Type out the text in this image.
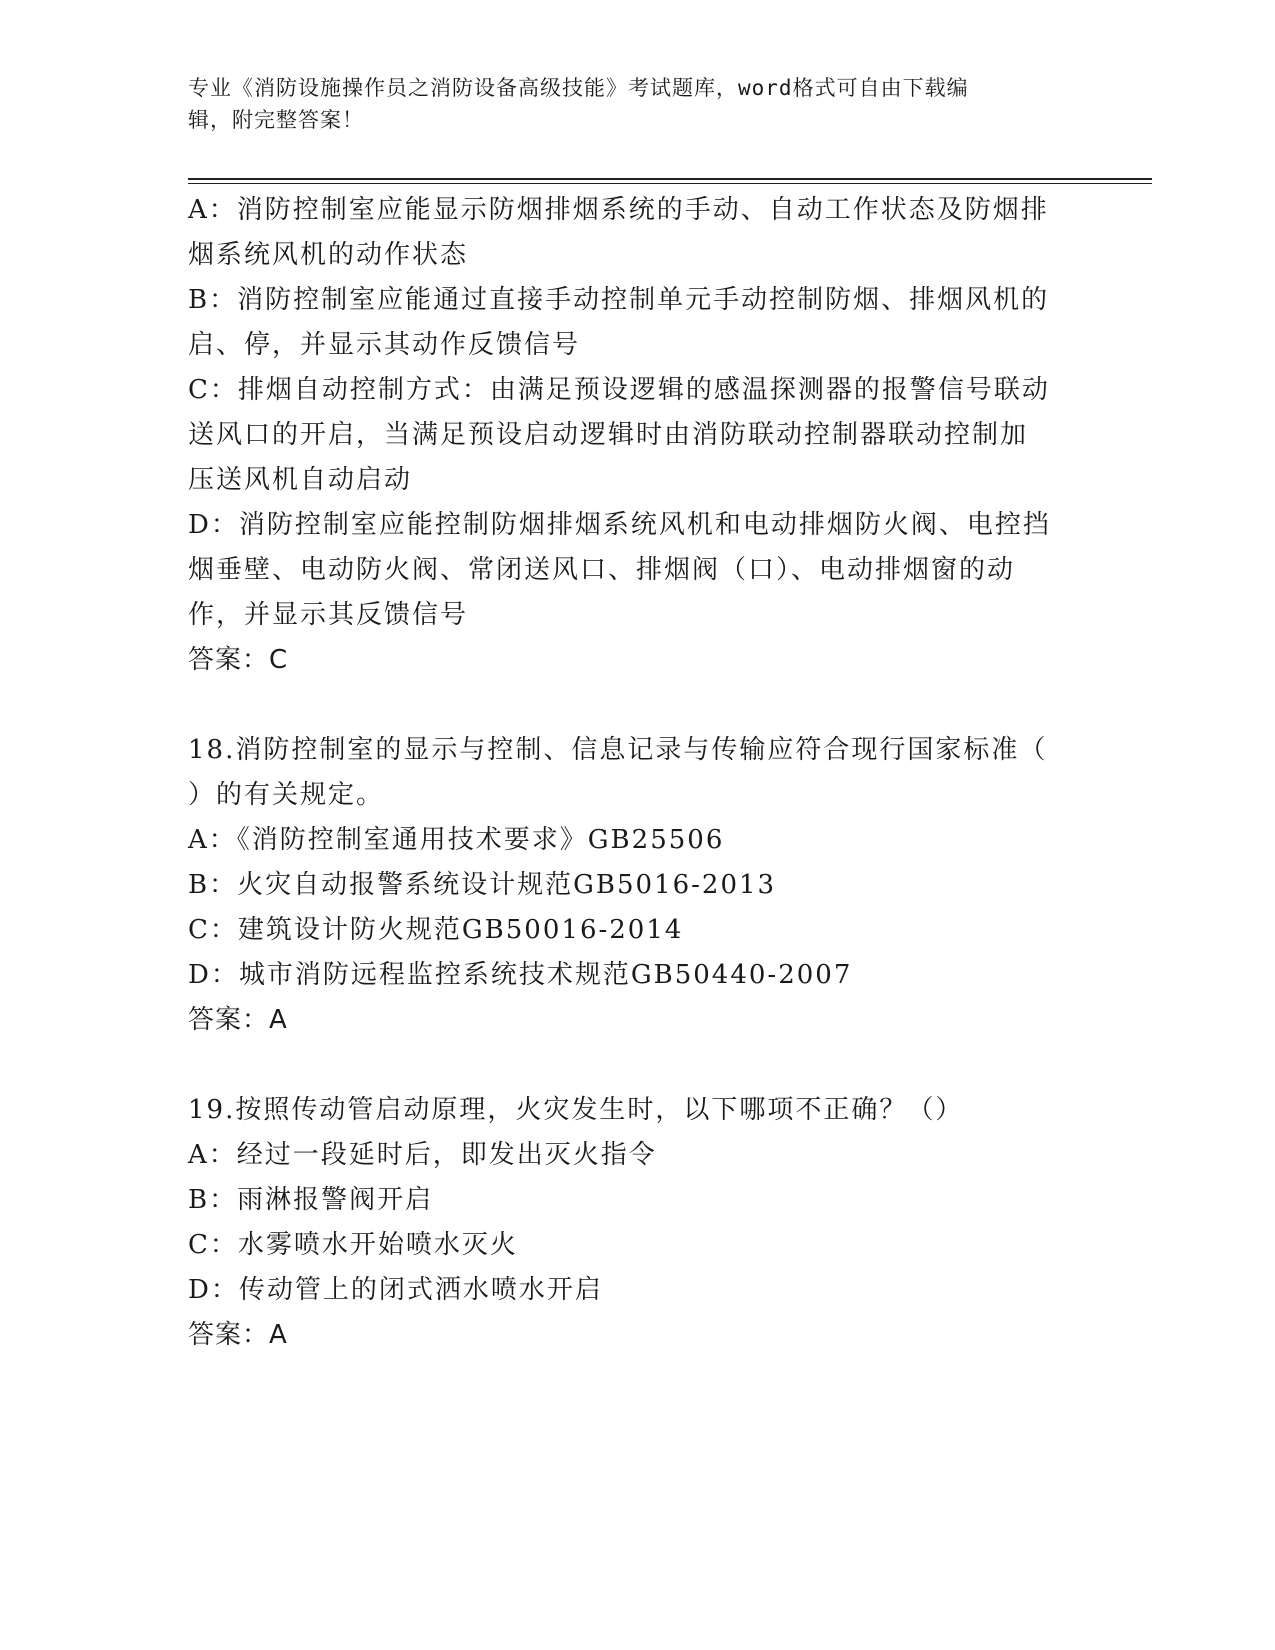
专业《消防设施操作员之消防设备高级技能》考试题库，word格式可自由下载编
辑，附完整答案！
A：消防控制室应能显示防烟排烟系统的手动、自动工作状态及防烟排
烟系统风机的动作状态
B：消防控制室应能通过直接手动控制单元手动控制防烟、排烟风机的
启、停，并显示其动作反馈信号
C：排烟自动控制方式：由满足预设逻辑的感温探测器的报警信号联动
送风口的开启，当满足预设启动逻辑时由消防联动控制器联动控制加
压送风机自动启动
D：消防控制室应能控制防烟排烟系统风机和电动排烟防火阀、电控挡
烟垂壁、电动防火阀、常闭送风口、排烟阀（口）、电动排烟窗的动
作，并显示其反馈信号
答案：C
18.消防控制室的显示与控制、信息记录与传输应符合现行国家标准（
）的有关规定。
A：《消防控制室通用技术要求》GB25506
B：火灾自动报警系统设计规范GB5016-2013
C：建筑设计防火规范GB50016-2014
D：城市消防远程监控系统技术规范GB50440-2007
答案：A
19.按照传动管启动原理，火灾发生时，以下哪项不正确？（）
A：经过一段延时后，即发出灭火指令
B：雨淋报警阀开启
C：水雾喷水开始喷水灭火
D：传动管上的闭式洒水喷水开启
答案：A
